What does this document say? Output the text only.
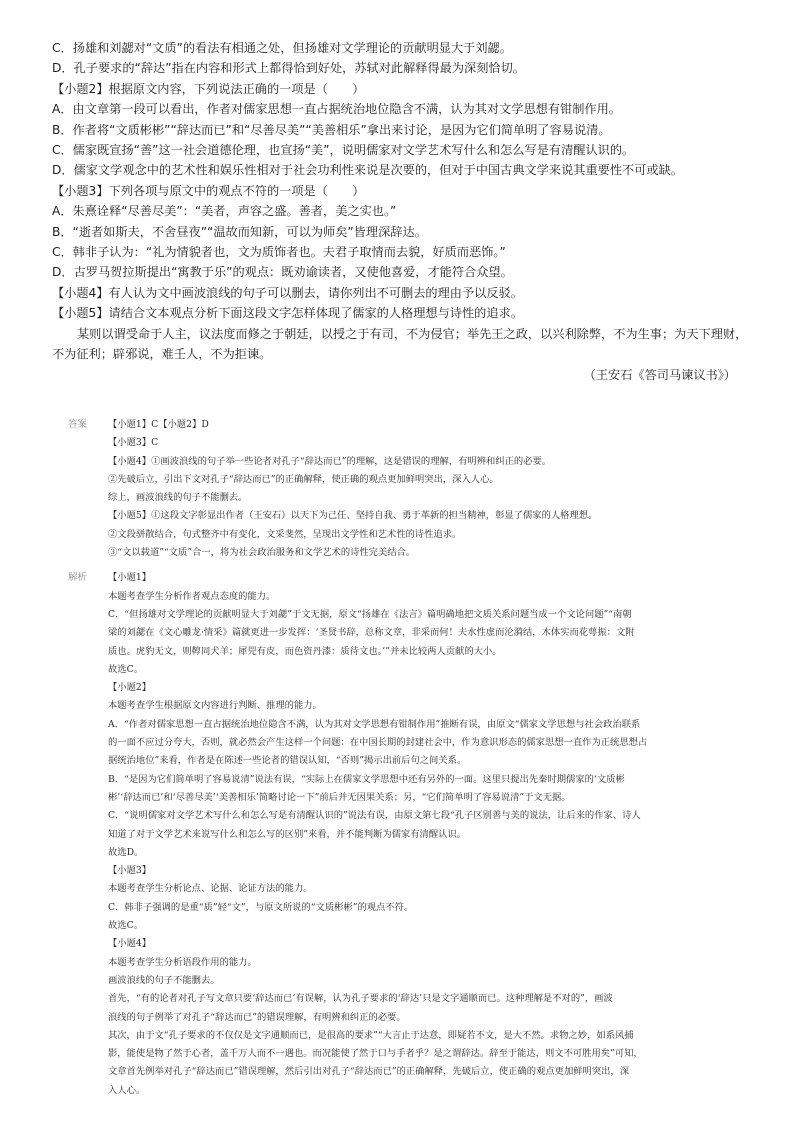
C．扬雄和刘勰对“文质”的看法有相通之处，但扬雄对文学理论的贡献明显大于刘勰。
D．孔子要求的“辞达”指在内容和形式上都得恰到好处，苏轼对此解释得最为深刻恰切。
【小题2】根据原文内容，下列说法正确的一项是（　　）
A．由文章第一段可以看出，作者对儒家思想一直占据统治地位隐含不满，认为其对文学思想有钳制作用。
B．作者将“文质彬彬”“辞达而已”和“尽善尽美”“美善相乐”拿出来讨论，是因为它们简单明了容易说清。
C．儒家既宣扬“善”这一社会道德伦理，也宣扬“美”，说明儒家对文学艺术写什么和怎么写是有清醒认识的。
D．儒家文学观念中的艺术性和娱乐性相对于社会功利性来说是次要的，但对于中国古典文学来说其重要性不可或缺。
【小题3】下列各项与原文中的观点不符的一项是（　　）
A．朱熹诠释“尽善尽美”：“美者，声容之盛。善者，美之实也。”
B．“逝者如斯夫，不舍昼夜”“温故而知新，可以为师矣”皆理深辞达。
C．韩非子认为：“礼为情貌者也，文为质饰者也。夫君子取情而去貌，好质而恶饰。”
D．古罗马贺拉斯提出“寓教于乐”的观点：既劝谕读者，又使他喜爱，才能符合众望。
【小题4】有人认为文中画波浪线的句子可以删去，请你列出不可删去的理由予以反驳。
【小题5】请结合文本观点分析下面这段文字怎样体现了儒家的人格理想与诗性的追求。
某则以谓受命于人主，议法度而修之于朝廷，以授之于有司，不为侵官；举先王之政，以兴利除弊，不为生事；为天下理财，
不为征利；辟邪说，难壬人，不为拒谏。
（王安石《答司马谏议书》）
答案 【小题1】C【小题2】D
【小题3】C
【小题4】①画波浪线的句子举一些论者对孔子“辞达而已”的理解，这是错误的理解，有明辨和纠正的必要。
②先破后立，引出下文对孔子“辞达而已”的正确解释，使正确的观点更加鲜明突出，深入人心。
综上，画波浪线的句子不能删去。
【小题5】①这段文字彰显出作者（王安石）以天下为己任、坚持自我、勇于革新的担当精神，彰显了儒家的人格理想。
②文段骈散结合，句式整齐中有变化，文采斐然，呈现出文学性和艺术性的诗性追求。
③“文以载道”“文质”合一，将为社会政治服务和文学艺术的诗性完美结合。
解析 【小题1】
本题考查学生分析作者观点态度的能力。
C．“但扬雄对文学理论的贡献明显大于刘勰”于文无据，原文“扬雄在《法言》篇明确地把文质关系问题当成一个文论问题”“南朝
梁的刘勰在《文心雕龙·情采》篇就更进一步发挥：‘圣贤书辞，总称文章，非采而何！夫水性虚而沦漪结，木体实而花萼振：文附
质也。虎豹无文，则鞟同犬羊；犀兕有皮，而色资丹漆：质待文也。’”并未比较两人贡献的大小。
故选C。
【小题2】
本题考查学生根据原文内容进行判断、推理的能力。
A．“作者对儒家思想一直占据统治地位隐含不满，认为其对文学思想有钳制作用”推断有误，由原文“儒家文学思想与社会政治联系
的一面不应过分夸大，否则，就必然会产生这样一个问题：在中国长期的封建社会中，作为意识形态的儒家思想一直作为正统思想占
据统治地位”来看，作者是在陈述一些论者的错误认知，“否则”揭示出前后句之间关系。
B．“是因为它们简单明了容易说清”说法有误，“实际上在儒家文学思想中还有另外的一面。这里只提出先秦时期儒家的‘文质彬
彬’‘辞达而已’和‘尽善尽美’‘美善相乐’简略讨论一下”前后并无因果关系；另，“它们简单明了容易说清”于文无据。
C．“说明儒家对文学艺术写什么和怎么写是有清醒认识的”说法有误，由原文第七段“孔子区别善与美的说法，让后来的作家、诗人
知道了对于文学艺术来说写什么和怎么写的区别”来看，并不能判断为儒家有清醒认识。
故选D。
【小题3】
本题考查学生分析论点、论据、论证方法的能力。
C．韩非子强调的是重“质”轻“文”，与原文所说的“文质彬彬”的观点不符。
故选C。
【小题4】
本题考查学生分析语段作用的能力。
画波浪线的句子不能删去。
首先，“有的论者对孔子写文章只要‘辞达而已’有误解，认为孔子要求的‘辞达’只是文字通顺而已。这种理解是不对的”，画波
浪线的句子例举了对孔子“辞达而已”的错误理解，有明辨和纠正的必要。
其次，由于文“孔子要求的不仅仅是文字通顺而已，是很高的要求”“大言止于达意，即疑若不文，是大不然。求物之妙，如系风捕
影，能使是物了然于心者，盖千万人而不一遇也。而况能使了然于口与手者乎？是之谓辞达。辞至于能达，则文不可胜用矣”可知，
文章首先例举对孔子“辞达而已”错误理解，然后引出对孔子“辞达而已”的正确解释，先破后立，使正确的观点更加鲜明突出，深
入人心。
